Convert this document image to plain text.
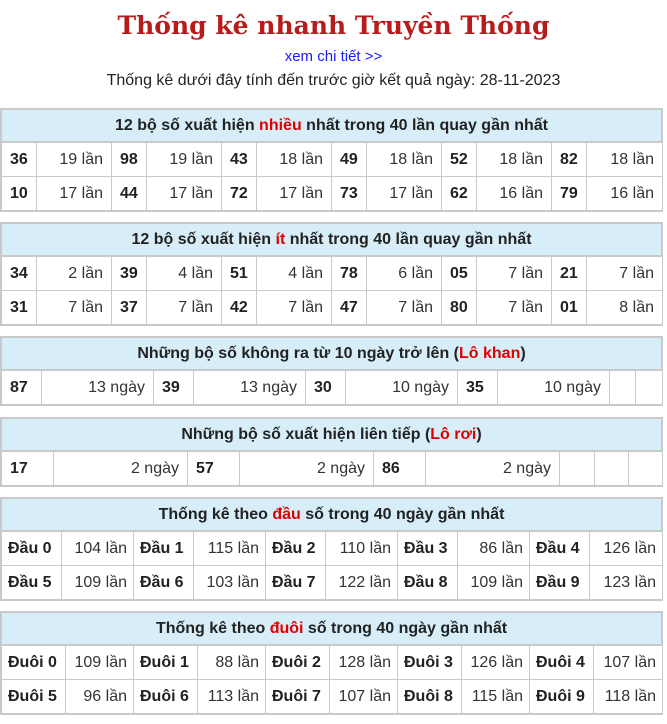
Thống kê nhanh Truyền Thống
xem chi tiết >>
Thống kê dưới đây tính đến trước giờ kết quả ngày: 28-11-2023
12 bộ số xuất hiện nhiều nhất trong 40 lần quay gần nhất
36	19 lần	98	19 lần	43	18 lần	49	18 lần	52	18 lần	82	18 lần
10	17 lần	44	17 lần	72	17 lần	73	17 lần	62	16 lần	79	16 lần
12 bộ số xuất hiện ít nhất trong 40 lần quay gần nhất
34	2 lần	39	4 lần	51	4 lần	78	6 lần	05	7 lần	21	7 lần
31	7 lần	37	7 lần	42	7 lần	47	7 lần	80	7 lần	01	8 lần
Những bộ số không ra từ 10 ngày trở lên (Lô khan)
87	13 ngày	39	13 ngày	30	10 ngày	35	10 ngày		
Những bộ số xuất hiện liên tiếp (Lô rơi)
17	2 ngày	57	2 ngày	86	2 ngày			
Thống kê theo đầu số trong 40 ngày gần nhất
Đầu 0	104 lần	Đầu 1	115 lần	Đầu 2	110 lần	Đầu 3	86 lần	Đầu 4	126 lần
Đầu 5	109 lần	Đầu 6	103 lần	Đầu 7	122 lần	Đầu 8	109 lần	Đầu 9	123 lần
Thống kê theo đuôi số trong 40 ngày gần nhất
Đuôi 0	109 lần	Đuôi 1	88 lần	Đuôi 2	128 lần	Đuôi 3	126 lần	Đuôi 4	107 lần
Đuôi 5	96 lần	Đuôi 6	113 lần	Đuôi 7	107 lần	Đuôi 8	115 lần	Đuôi 9	118 lần
